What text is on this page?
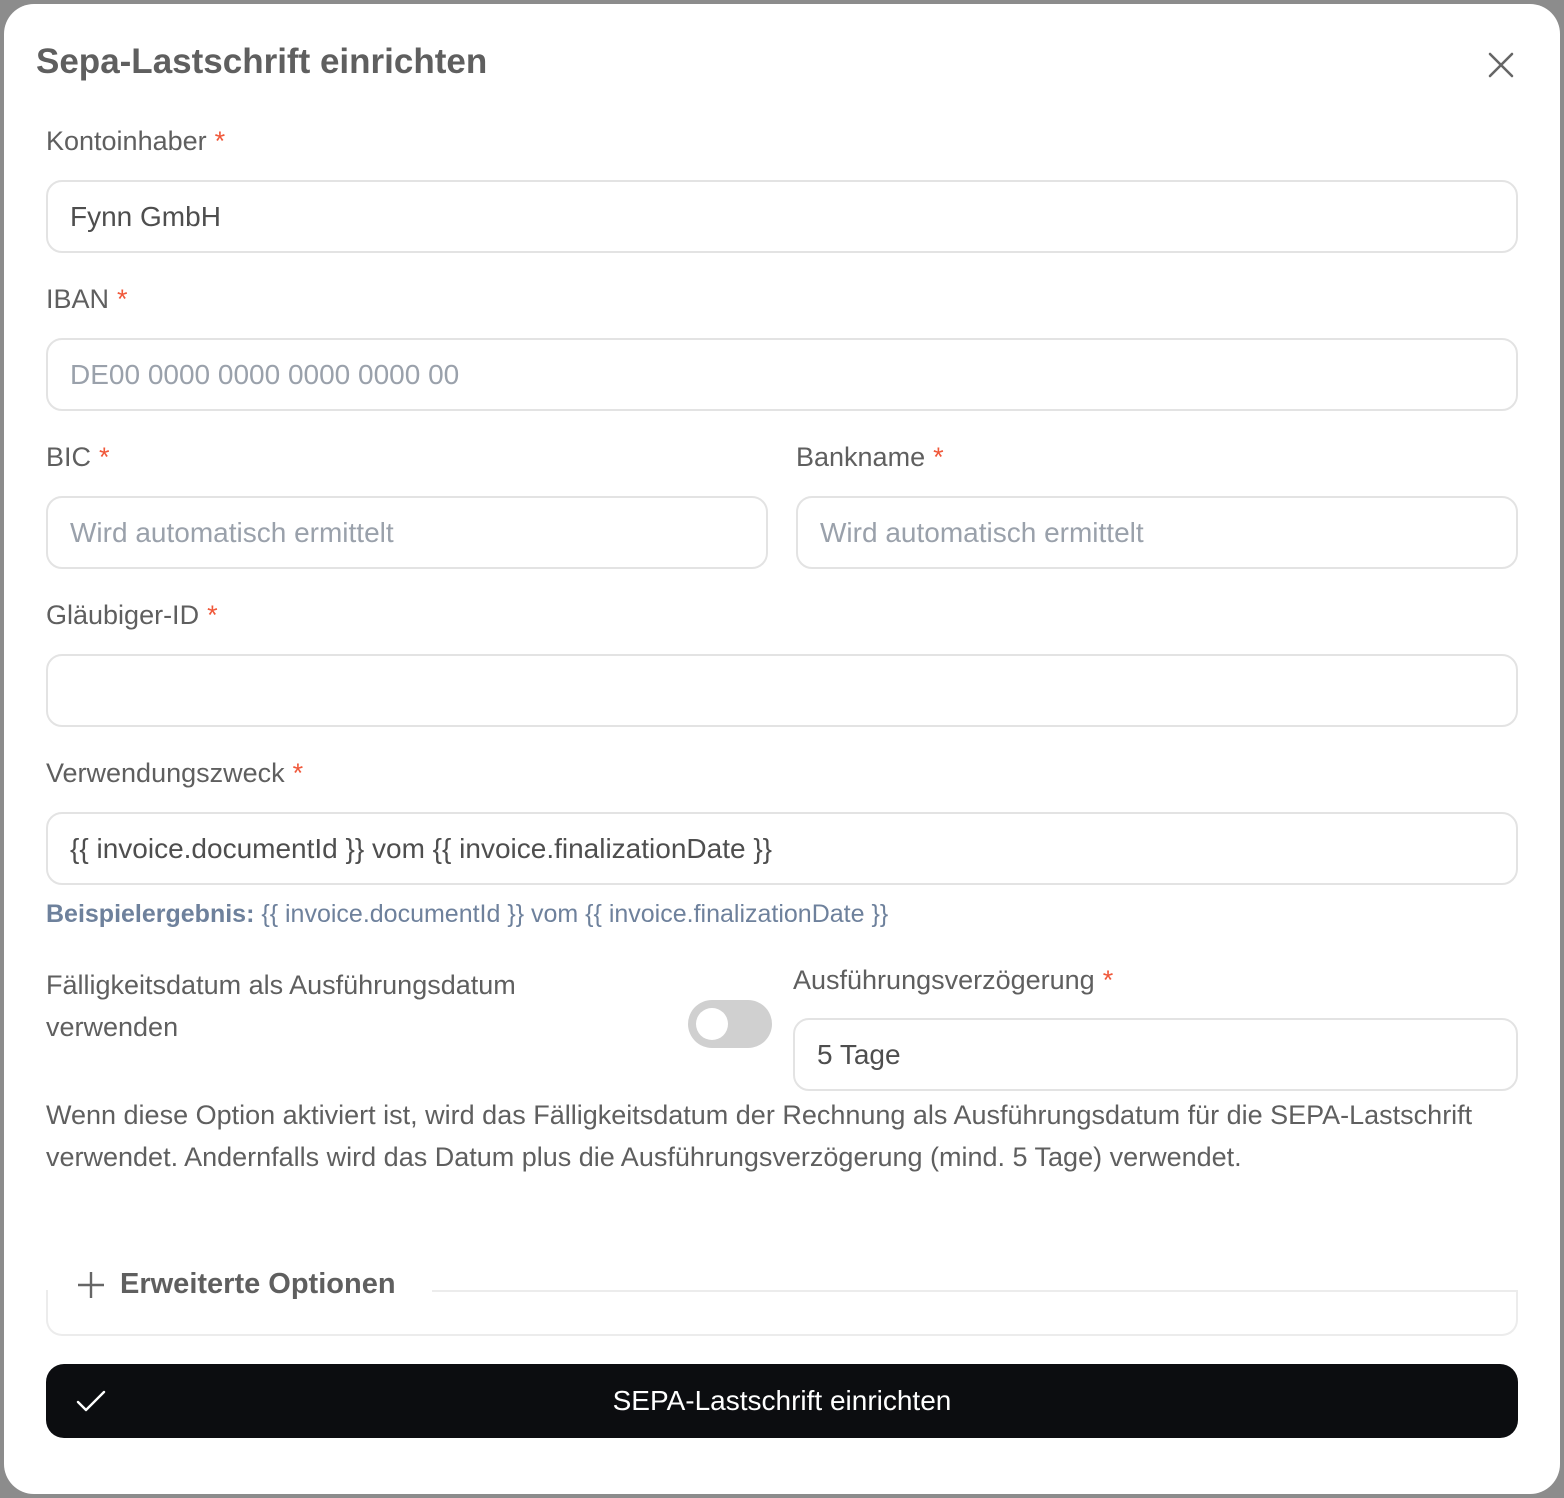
Sepa-Lastschrift einrichten
Kontoinhaber *
Fynn GmbH
IBAN *
DE00 0000 0000 0000 0000 00
BIC *
Wird automatisch ermittelt
Bankname *
Wird automatisch ermittelt
Gläubiger-ID *
Verwendungszweck *
{{ invoice.documentId }} vom {{ invoice.finalizationDate }}
Beispielergebnis: {{ invoice.documentId }} vom {{ invoice.finalizationDate }}
Fälligkeitsdatum als Ausführungsdatum verwenden
Ausführungsverzögerung *
5 Tage
Wenn diese Option aktiviert ist, wird das Fälligkeitsdatum der Rechnung als Ausführungsdatum für die SEPA-Lastschrift verwendet. Andernfalls wird das Datum plus die Ausführungsverzögerung (mind. 5 Tage) verwendet.
Erweiterte Optionen
SEPA-Lastschrift einrichten
